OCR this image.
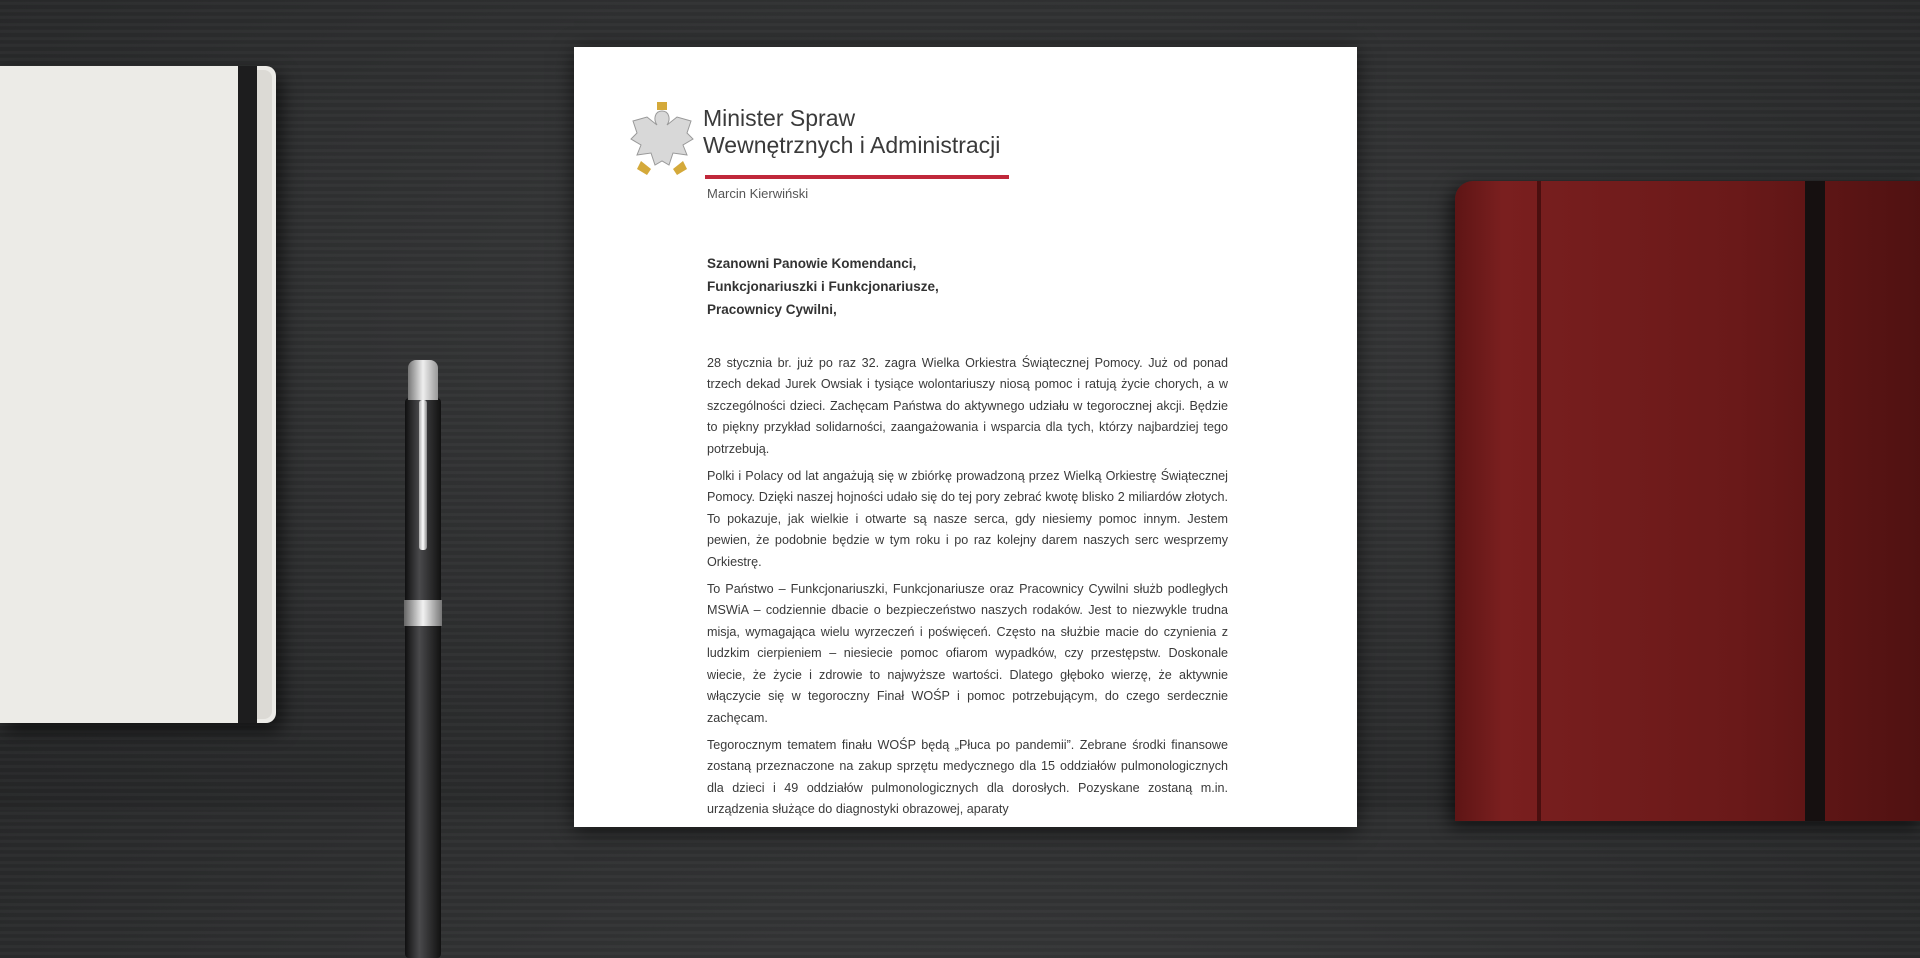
Minister Spraw
Wewnętrznych i Administracji
Marcin Kierwiński
Szanowni Panowie Komendanci,
Funkcjonariuszki i Funkcjonariusze,
Pracownicy Cywilni,

28 stycznia br. już po raz 32. zagra Wielka Orkiestra Świątecznej Pomocy. Już od ponad trzech dekad Jurek Owsiak i tysiące wolontariuszy niosą pomoc i ratują życie chorych, a w szczególności dzieci. Zachęcam Państwa do aktywnego udziału w tegorocznej akcji. Będzie to piękny przykład solidarności, zaangażowania i wsparcia dla tych, którzy najbardziej tego potrzebują.

Polki i Polacy od lat angażują się w zbiórkę prowadzoną przez Wielką Orkiestrę Świątecznej Pomocy. Dzięki naszej hojności udało się do tej pory zebrać kwotę blisko 2 miliardów złotych. To pokazuje, jak wielkie i otwarte są nasze serca, gdy niesiemy pomoc innym. Jestem pewien, że podobnie będzie w tym roku i po raz kolejny darem naszych serc wesprzemy Orkiestrę.

To Państwo – Funkcjonariuszki, Funkcjonariusze oraz Pracownicy Cywilni służb podległych MSWiA – codziennie dbacie o bezpieczeństwo naszych rodaków. Jest to niezwykle trudna misja, wymagająca wielu wyrzeczeń i poświęceń. Często na służbie macie do czynienia z ludzkim cierpieniem – niesiecie pomoc ofiarom wypadków, czy przestępstw. Doskonale wiecie, że życie i zdrowie to najwyższe wartości. Dlatego głęboko wierzę, że aktywnie włączycie się w tegoroczny Finał WOŚP i pomoc potrzebującym, do czego serdecznie zachęcam.

Tegorocznym tematem finału WOŚP będą „Płuca po pandemii”. Zebrane środki finansowe zostaną przeznaczone na zakup sprzętu medycznego dla 15 oddziałów pulmonologicznych dla dzieci i 49 oddziałów pulmonologicznych dla dorosłych. Pozyskane zostaną m.in. urządzenia służące do diagnostyki obrazowej, aparaty
